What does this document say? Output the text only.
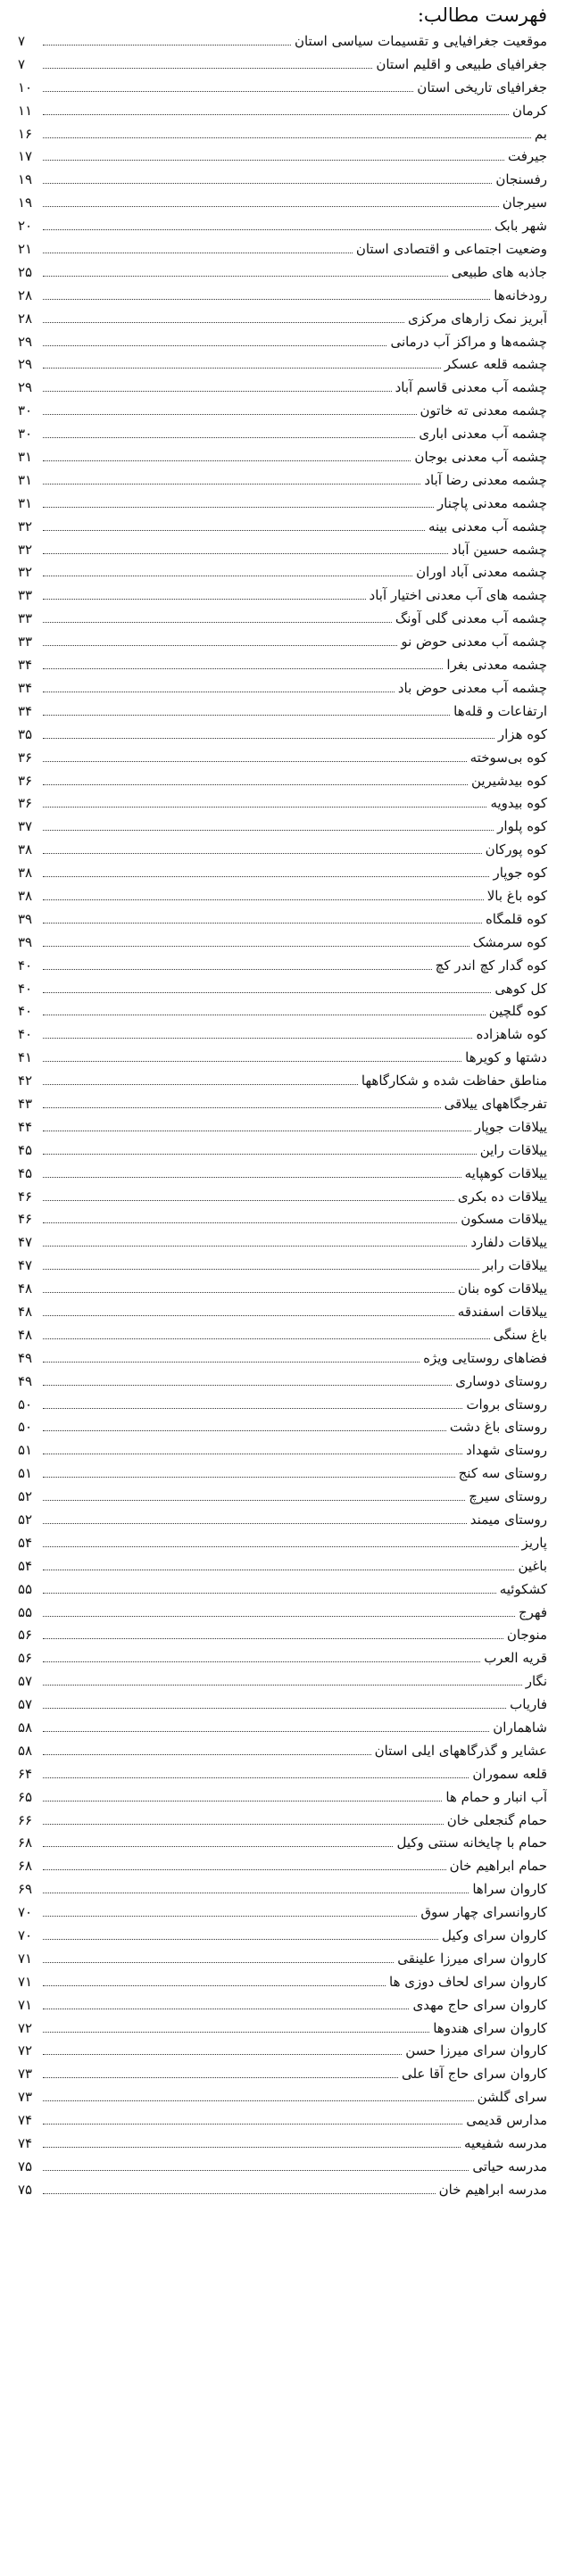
فهرست مطالب:
موقعیت جغرافیایی و تقسیمات سیاسی استان
۷
جغرافیای طبیعی و اقلیم استان
۷
جغرافیای تاریخی استان
۱۰
کرمان
۱۱
بم
۱۶
جیرفت
۱۷
رفسنجان
۱۹
سیرجان
۱۹
شهر بابک
۲۰
وضعیت اجتماعی و اقتصادی استان
۲۱
جاذبه های طبیعی
۲۵
رودخانه‌ها
۲۸
آبریز نمک زارهای مرکزی
۲۸
چشمه‌ها و مراکز آب درمانی
۲۹
چشمه قلعه عسکر
۲۹
چشمه آب معدنی قاسم آباد
۲۹
چشمه معدنی ته خاتون
۳۰
چشمه آب معدنی اباری
۳۰
چشمه آب معدنی بوجان
۳۱
چشمه معدنی رضا آباد
۳۱
چشمه معدنی پاچنار
۳۱
چشمه آب معدنی بینه
۳۲
چشمه حسین آباد
۳۲
چشمه معدنی آباد اوران
۳۲
چشمه های آب معدنی اختیار آباد
۳۳
چشمه آب معدنی گلی آونگ
۳۳
چشمه آب معدنی حوض نو
۳۳
چشمه معدنی بغرا
۳۴
چشمه آب معدنی حوض باد
۳۴
ارتفاعات و قله‌ها
۳۴
کوه هزار
۳۵
کوه بی‌سوخته
۳۶
کوه بیدشیرین
۳۶
کوه بیدویه
۳۶
کوه پلوار
۳۷
کوه پورکان
۳۸
کوه جوپار
۳۸
کوه باغ بالا
۳۸
کوه قلمگاه
۳۹
کوه سرمشک
۳۹
کوه گدار کچ اندر کچ
۴۰
کل کوهی
۴۰
کوه گلچین
۴۰
کوه شاهزاده
۴۰
دشتها و کویرها
۴۱
مناطق حفاظت شده و شکارگاهها
۴۲
تفرجگاههای ییلاقی
۴۳
ییلاقات جوپار
۴۴
ییلاقات راین
۴۵
ییلاقات کوهپایه
۴۵
ییلاقات ده بکری
۴۶
ییلاقات مسکون
۴۶
ییلاقات دلفارد
۴۷
ییلاقات رابر
۴۷
ییلاقات کوه بنان
۴۸
ییلاقات اسفندقه
۴۸
باغ سنگی
۴۸
فضاهای روستایی ویژه
۴۹
روستای دوساری
۴۹
روستای بروات
۵۰
روستای باغ دشت
۵۰
روستای شهداد
۵۱
روستای سه کنج
۵۱
روستای سیرچ
۵۲
روستای میمند
۵۲
پاریز
۵۴
باغین
۵۴
کشکوئیه
۵۵
فهرج
۵۵
منوجان
۵۶
قریه العرب
۵۶
نگار
۵۷
فاریاب
۵۷
شاهماران
۵۸
عشایر و گذرگاههای ایلی استان
۵۸
قلعه سموران
۶۴
آب انبار و حمام ها
۶۵
حمام گنجعلی خان
۶۶
حمام با چایخانه سنتی وکیل
۶۸
حمام ابراهیم خان
۶۸
کاروان سراها
۶۹
کاروانسرای چهار سوق
۷۰
کاروان سرای وکیل
۷۰
کاروان سرای میرزا علینقی
۷۱
کاروان سرای لحاف دوزی ها
۷۱
کاروان سرای حاج مهدی
۷۱
کاروان سرای هندوها
۷۲
کاروان سرای میرزا حسن
۷۲
کاروان سرای حاج آقا علی
۷۳
سرای گلشن
۷۳
مدارس قدیمی
۷۴
مدرسه شفیعیه
۷۴
مدرسه حیاتی
۷۵
مدرسه ابراهیم خان
۷۵
